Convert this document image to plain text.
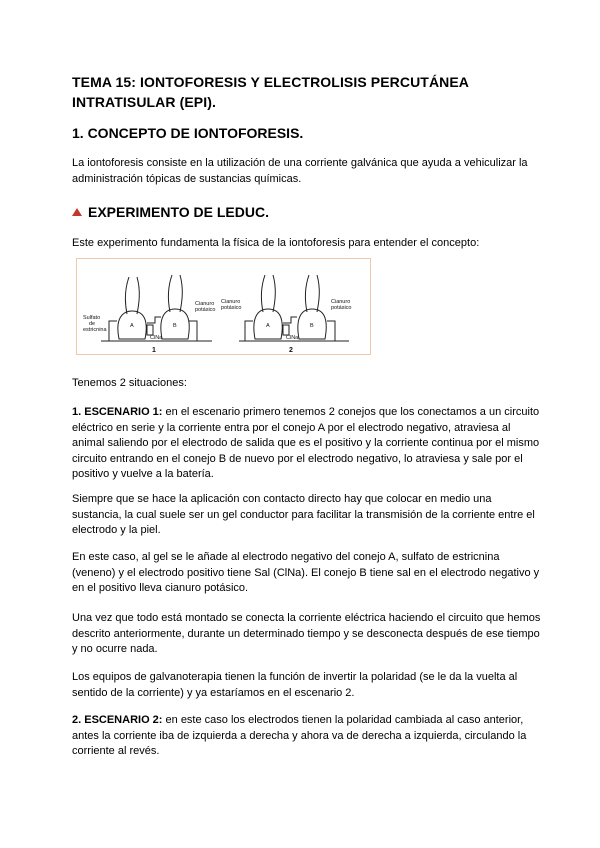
TEMA 15: IONTOFORESIS Y ELECTROLISIS PERCUTÁNEA INTRATISULAR (EPI).
1. CONCEPTO DE IONTOFORESIS.
La iontoforesis consiste en la utilización de una corriente galvánica que ayuda a vehiculizar la administración tópicas de sustancias químicas.
EXPERIMENTO DE LEDUC.
Este experimento fundamenta la física de la iontoforesis para entender el concepto:
Sulfato
de
estricnina
Cianuro
potásico
A	B
ClNa
Cianuro
potásico
Cianuro
potásico
A	B
ClNa
1	2
Tenemos 2 situaciones:
1. ESCENARIO 1: en el escenario primero tenemos 2 conejos que los conectamos a un circuito eléctrico en serie y la corriente entra por el conejo A por el electrodo negativo, atraviesa al animal saliendo por el electrodo de salida que es el positivo y la corriente continua por el mismo circuito entrando en el conejo B de nuevo por el electrodo negativo, lo atraviesa y sale por el positivo y vuelve a la batería.
Siempre que se hace la aplicación con contacto directo hay que colocar en medio una sustancia, la cual suele ser un gel conductor para facilitar la transmisión de la corriente entre el electrodo y la piel.
En este caso, al gel se le añade al electrodo negativo del conejo A, sulfato de estricnina (veneno) y el electrodo positivo tiene Sal (ClNa). El conejo B tiene sal en el electrodo negativo y en el positivo lleva cianuro potásico.
Una vez que todo está montado se conecta la corriente eléctrica haciendo el circuito que hemos descrito anteriormente, durante un determinado tiempo y se desconecta después de ese tiempo y no ocurre nada.
Los equipos de galvanoterapia tienen la función de invertir la polaridad (se le da la vuelta al sentido de la corriente) y ya estaríamos en el escenario 2.
2. ESCENARIO 2: en este caso los electrodos tienen la polaridad cambiada al caso anterior, antes la corriente iba de izquierda a derecha y ahora va de derecha a izquierda, circulando la corriente al revés.
